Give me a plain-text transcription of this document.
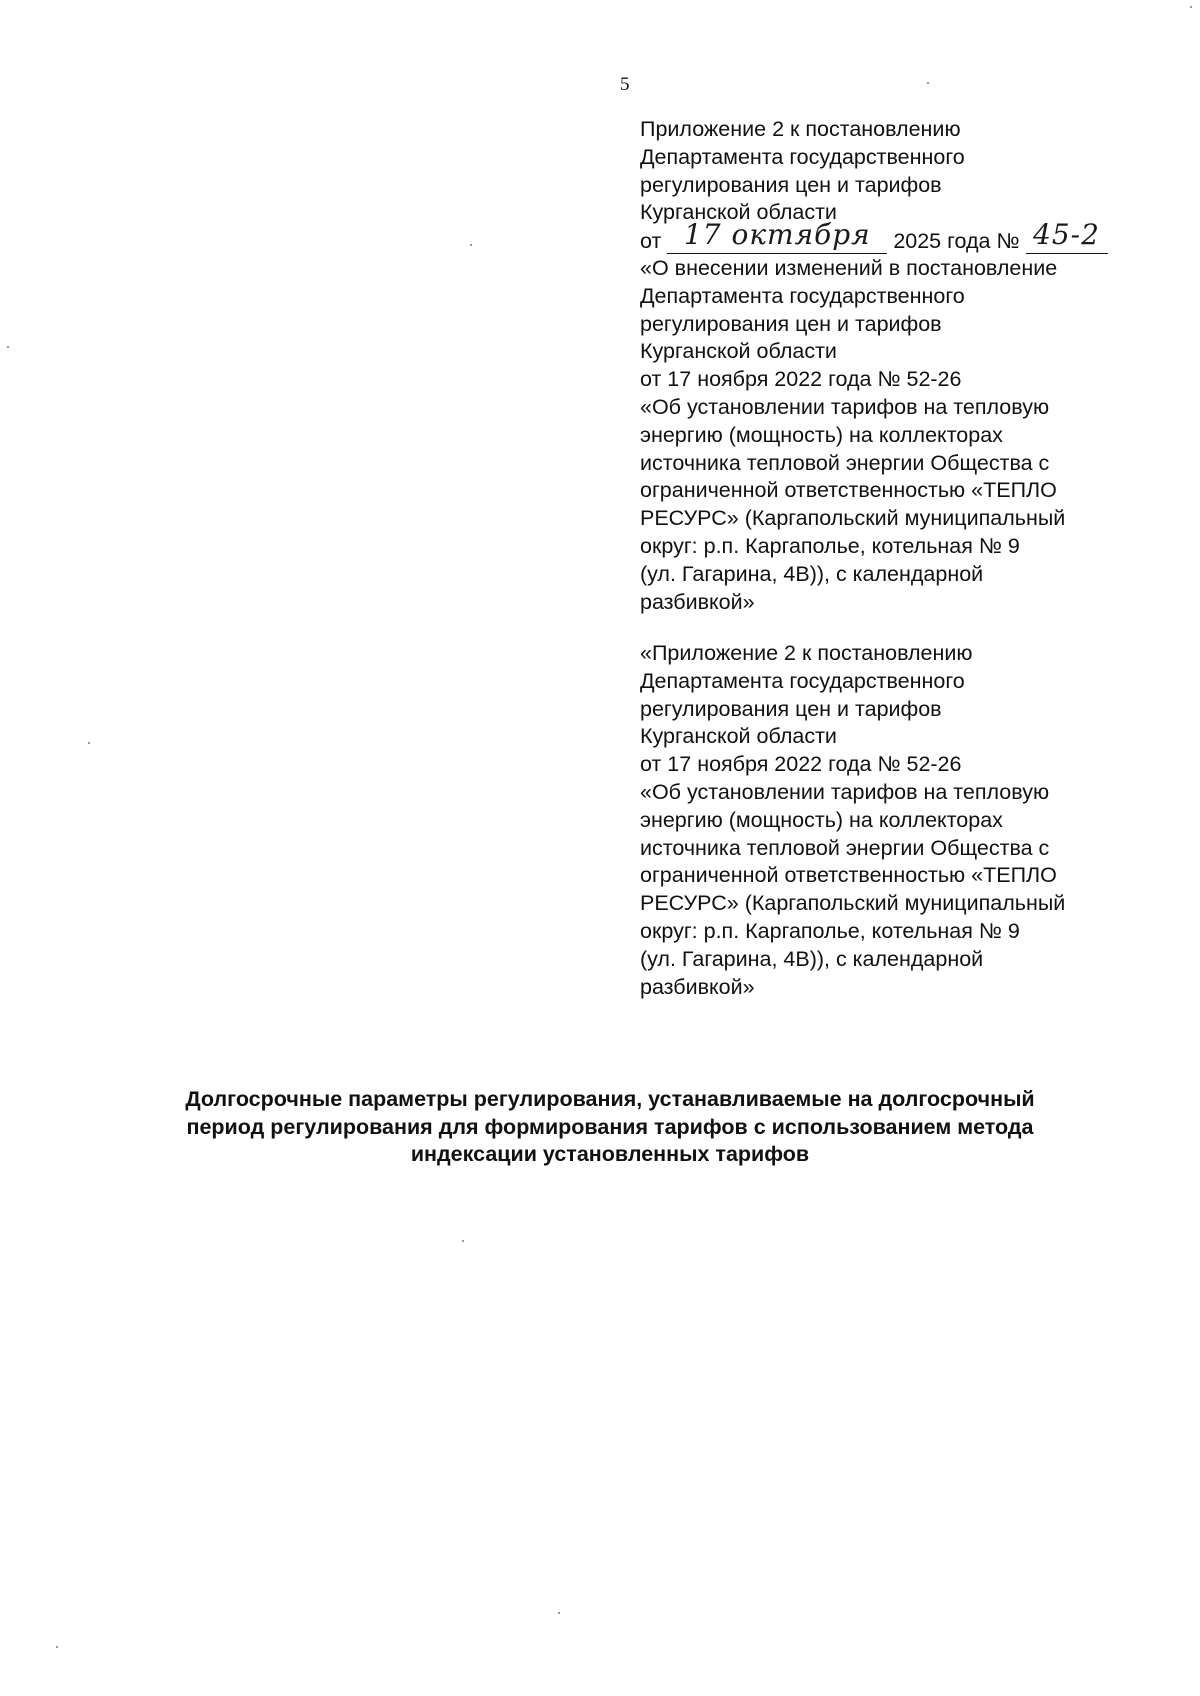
5
Приложение 2 к постановлению
Департамента государственного
регулирования цен и тарифов
Курганской области
от 17 октября 2025 года № 45-2
«О внесении изменений в постановление
Департамента государственного
регулирования цен и тарифов
Курганской области
от 17 ноября 2022 года № 52-26
«Об установлении тарифов на тепловую
энергию (мощность) на коллекторах
источника тепловой энергии Общества с
ограниченной ответственностью «ТЕПЛО
РЕСУРС» (Каргапольский муниципальный
округ: р.п. Каргаполье, котельная № 9
(ул. Гагарина, 4В)), с календарной
разбивкой»
«Приложение 2 к постановлению
Департамента государственного
регулирования цен и тарифов
Курганской области
от 17 ноября 2022 года № 52-26
«Об установлении тарифов на тепловую
энергию (мощность) на коллекторах
источника тепловой энергии Общества с
ограниченной ответственностью «ТЕПЛО
РЕСУРС» (Каргапольский муниципальный
округ: р.п. Каргаполье, котельная № 9
(ул. Гагарина, 4В)), с календарной
разбивкой»
Долгосрочные параметры регулирования, устанавливаемые на долгосрочный
период регулирования для формирования тарифов с использованием метода
индексации установленных тарифов
